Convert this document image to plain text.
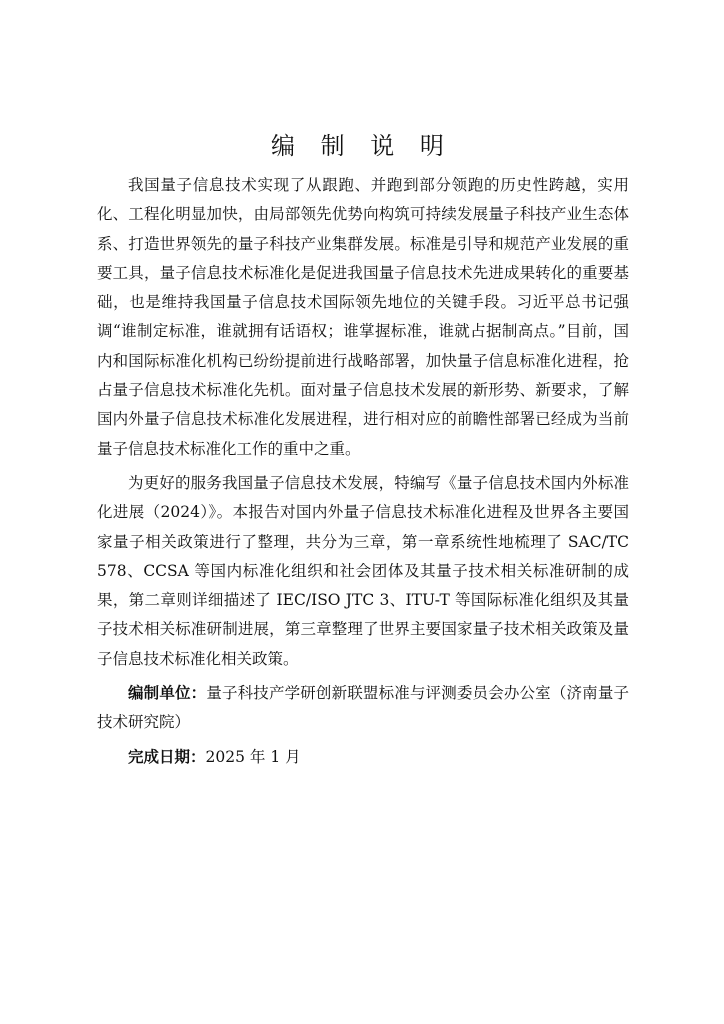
编 制 说 明

我国量子信息技术实现了从跟跑、并跑到部分领跑的历史性跨越，实用化、工程化明显加快，由局部领先优势向构筑可持续发展量子科技产业生态体系、打造世界领先的量子科技产业集群发展。标准是引导和规范产业发展的重要工具，量子信息技术标准化是促进我国量子信息技术先进成果转化的重要基础，也是维持我国量子信息技术国际领先地位的关键手段。习近平总书记强调“谁制定标准，谁就拥有话语权；谁掌握标准，谁就占据制高点。”目前，国内和国际标准化机构已纷纷提前进行战略部署，加快量子信息标准化进程，抢占量子信息技术标准化先机。面对量子信息技术发展的新形势、新要求，了解国内外量子信息技术标准化发展进程，进行相对应的前瞻性部署已经成为当前量子信息技术标准化工作的重中之重。

为更好的服务我国量子信息技术发展，特编写《量子信息技术国内外标准化进展（2024）》。本报告对国内外量子信息技术标准化进程及世界各主要国家量子相关政策进行了整理，共分为三章，第一章系统性地梳理了 SAC/TC 578、CCSA 等国内标准化组织和社会团体及其量子技术相关标准研制的成果，第二章则详细描述了 IEC/ISO JTC 3、ITU-T 等国际标准化组织及其量子技术相关标准研制进展，第三章整理了世界主要国家量子技术相关政策及量子信息技术标准化相关政策。

编制单位：量子科技产学研创新联盟标准与评测委员会办公室（济南量子技术研究院）

完成日期：2025 年 1 月
